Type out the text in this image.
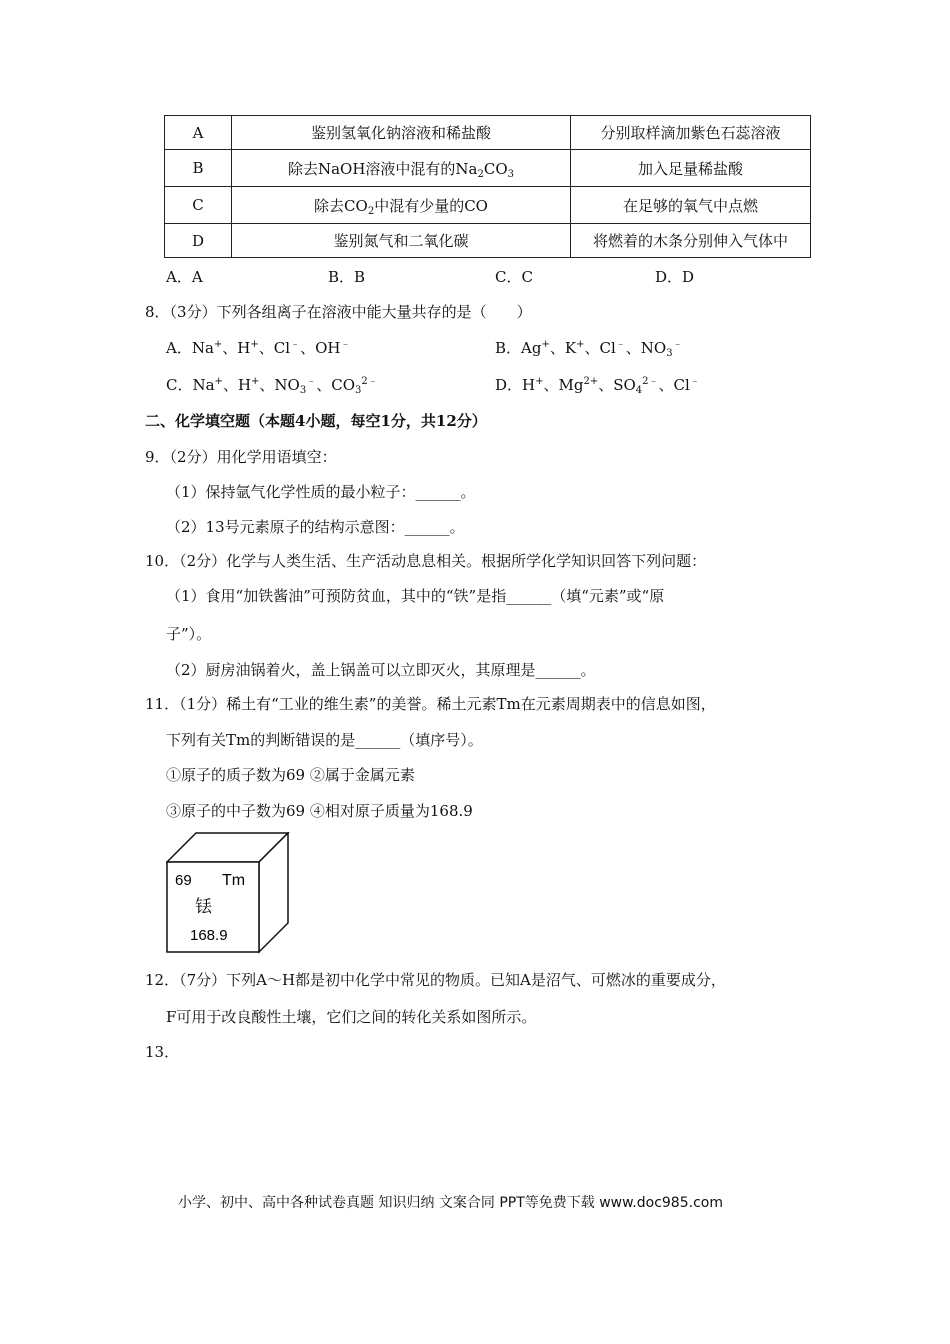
A	鉴别氢氧化钠溶液和稀盐酸	分别取样滴加紫色石蕊溶液
B	除去NaOH溶液中混有的$Na_2CO_3$	加入足量稀盐酸
C	除去$CO_2$中混有少量的CO	在足够的氧气中点燃
D	鉴别氮气和二氧化碳	将燃着的木条分别伸入气体中
A．A	B．B	C．C	D．D
8．（3分）下列各组离子在溶液中能大量共存的是（　　）
A．Na+、H+、Cl﹣、OH﹣	B．Ag+、K+、Cl﹣、$NO_3^﹣$
C．Na+、H+、$NO_3^﹣$、$CO_3^{2﹣}$	D．H+、$Mg^{2+}$、$SO_4^{2﹣}$、Cl﹣
二、化学填空题（本题4小题，每空1分，共12分）
9．（2分）用化学用语填空：
（1）保持氩气化学性质的最小粒子：______。
（2）13号元素原子的结构示意图：______。
10．（2分）化学与人类生活、生产活动息息相关。根据所学化学知识回答下列问题：
（1）食用“加铁酱油”可预防贫血，其中的“铁”是指______（填“元素”或“原
子”）。
（2）厨房油锅着火，盖上锅盖可以立即灭火，其原理是______。
11．（1分）稀土有“工业的维生素”的美誉。稀土元素Tm在元素周期表中的信息如图，
下列有关Tm的判断错误的是______（填序号）。
①原子的质子数为69 ②属于金属元素
③原子的中子数为69 ④相对原子质量为168.9
69 Tm
铥
168.9
12．（7分）下列A～H都是初中化学中常见的物质。已知A是沼气、可燃冰的重要成分，
F可用于改良酸性土壤，它们之间的转化关系如图所示。
13．
小学、初中、高中各种试卷真题 知识归纳 文案合同 PPT等免费下载 www.doc985.com
